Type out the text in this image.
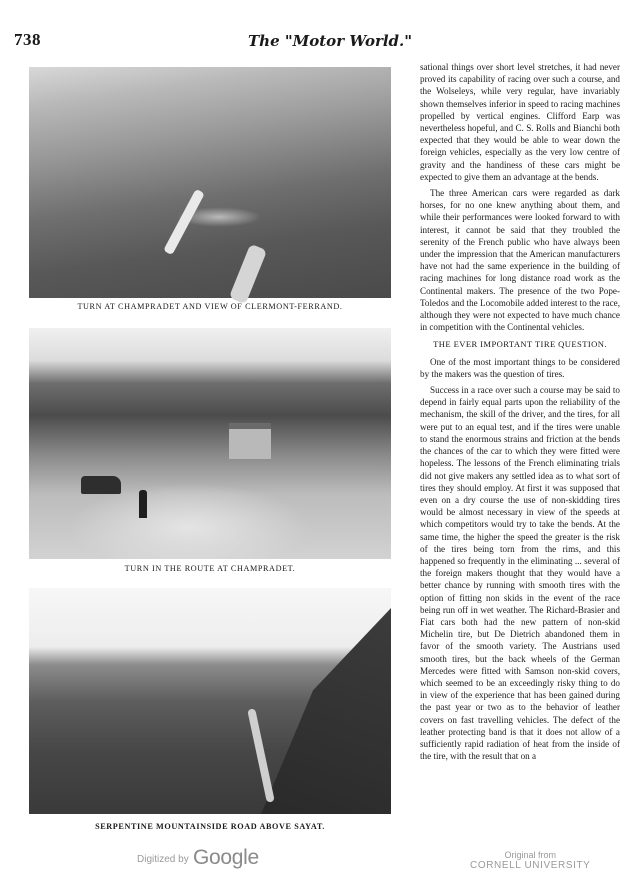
738	The "Motor World."
TURN AT CHAMPRADET AND VIEW OF CLERMONT-FERRAND.
TURN IN THE ROUTE AT CHAMPRADET.
SERPENTINE MOUNTAINSIDE ROAD ABOVE SAYAT.

sational things over short level stretches, it had never proved its capability of racing over such a course, and the Wolseleys, while very regular, have invariably shown themselves inferior in speed to racing machines propelled by vertical engines. Clifford Earp was nevertheless hopeful, and C. S. Rolls and Bianchi both expected that they would be able to wear down the foreign vehicles, especially as the very low centre of gravity and the handiness of these cars might be expected to give them an advantage at the bends.

The three American cars were regarded as dark horses, for no one knew anything about them, and while their performances were looked forward to with interest, it cannot be said that they troubled the serenity of the French public who have always been under the impression that the American manufacturers have not had the same experience in the building of racing machines for long distance road work as the Continental makers. The presence of the two Pope-Toledos and the Locomobile added interest to the race, although they were not expected to have much chance in competition with the Continental vehicles.

THE EVER IMPORTANT TIRE QUESTION.

One of the most important things to be considered by the makers was the question of tires.

Success in a race over such a course may be said to depend in fairly equal parts upon the reliability of the mechanism, the skill of the driver, and the tires, for all were put to an equal test, and if the tires were unable to stand the enormous strains and friction at the bends the chances of the car to which they were fitted were hopeless. The lessons of the French eliminating trials did not give makers any settled idea as to what sort of tires they should employ. At first it was supposed that even on a dry course the use of non-skidding tires would be almost necessary in view of the speeds at which competitors would try to take the bends. At the same time, the higher the speed the greater is the risk of the tires being torn from the rims, and this happened so frequently in the eliminating ... several of the foreign makers thought that they would have a better chance by running with smooth tires with the option of fitting non skids in the event of the race being run off in wet weather. The Richard-Brasier and Fiat cars both had the new pattern of non-skid Michelin tire, but De Dietrich abandoned them in favor of the smooth variety. The Austrians used smooth tires, but the back wheels of the German Mercedes were fitted with Samson non-skid covers, which seemed to be an exceedingly risky thing to do in view of the experience that has been gained during the past year or two as to the behavior of leather covers on fast travelling vehicles. The defect of the leather protecting band is that it does not allow of a sufficiently rapid radiation of heat from the inside of the tire, with the result that on a

Digitized by Google	Original from
CORNELL UNIVERSITY
